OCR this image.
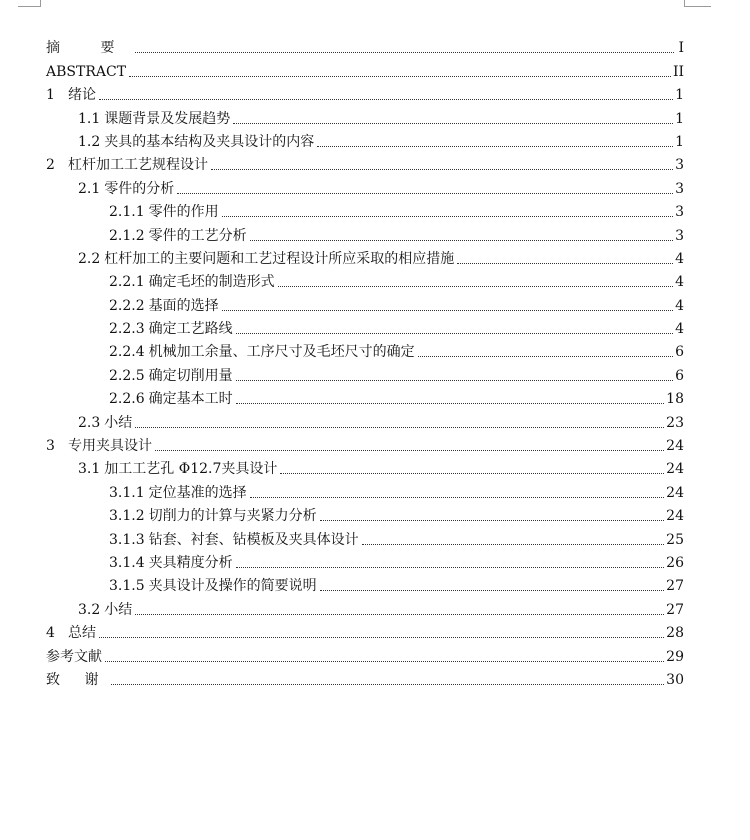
摘 要	I
ABSTRACT	II
1 绪论	1
1.1 课题背景及发展趋势	1
1.2 夹具的基本结构及夹具设计的内容	1
2 杠杆加工工艺规程设计	3
2.1 零件的分析	3
2.1.1 零件的作用	3
2.1.2 零件的工艺分析	3
2.2 杠杆加工的主要问题和工艺过程设计所应采取的相应措施	4
2.2.1 确定毛坯的制造形式	4
2.2.2 基面的选择	4
2.2.3 确定工艺路线	4
2.2.4 机械加工余量、工序尺寸及毛坯尺寸的确定	6
2.2.5 确定切削用量	6
2.2.6 确定基本工时	18
2.3 小结	23
3 专用夹具设计	24
3.1 加工工艺孔 Φ12.7夹具设计	24
3.1.1 定位基准的选择	24
3.1.2 切削力的计算与夹紧力分析	24
3.1.3 钻套、衬套、钻模板及夹具体设计	25
3.1.4 夹具精度分析	26
3.1.5 夹具设计及操作的简要说明	27
3.2 小结	27
4 总结	28
参考文献	29
致 谢	30
